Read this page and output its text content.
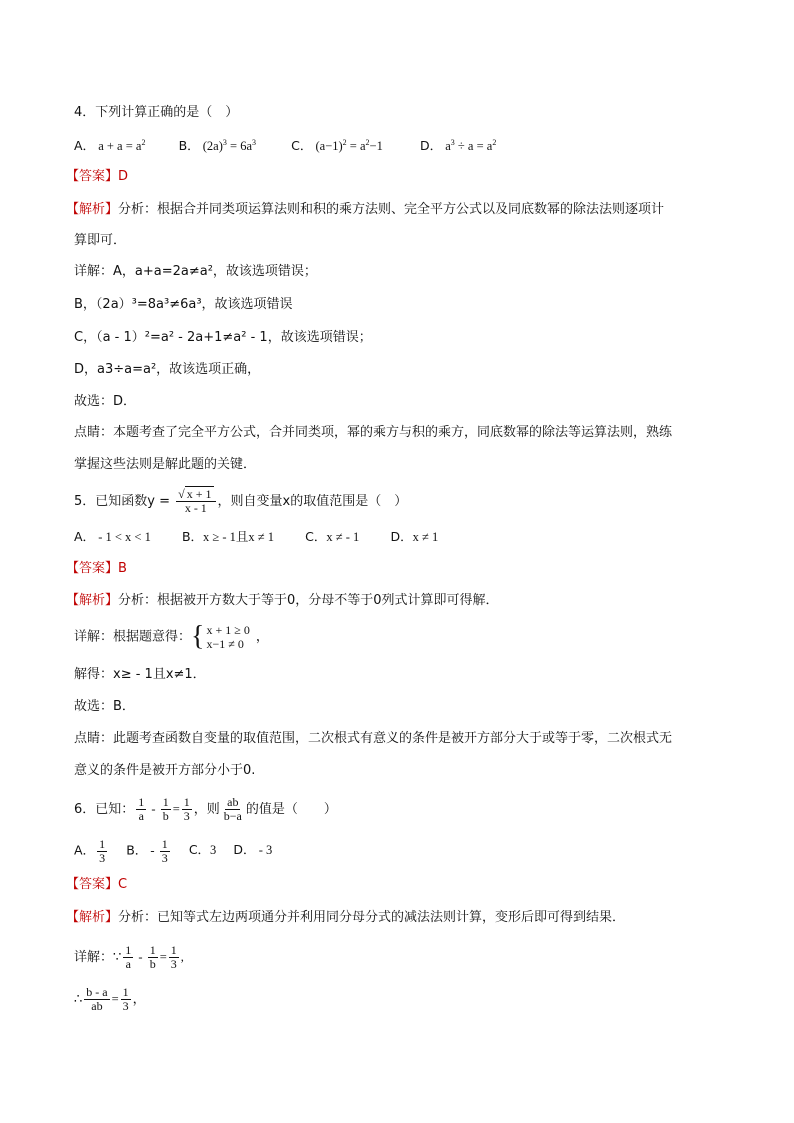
4．下列计算正确的是（　）
A． $a + a = a^2$	B． $(2a)^3 = 6a^3$	C． $(a-1)^2 = a^2-1$	D． $a^3 \div a = a^2$
【答案】D
【解析】分析：根据合并同类项运算法则和积的乘方法则、完全平方公式以及同底数幂的除法法则逐项计
算即可．
详解：A，a+a=2a≠a²，故该选项错误；
B，（2a）³=8a³≠6a³，故该选项错误
C，（a - 1）²=a² - 2a+1≠a² - 1，故该选项错误；
D，a3÷a=a²，故该选项正确，
故选：D．
点睛：本题考查了完全平方公式，合并同类项，幂的乘方与积的乘方，同底数幂的除法等运算法则，熟练
掌握这些法则是解此题的关键．
5．已知函数$y = \frac{√ x + 1}{x - 1}$ ，则自变量x的取值范围是（　）
A． - 1 < x < 1 B．x ≥ - 1且x ≠ 1 C．x ≠ - 1 D．x ≠ 1
【答案】B
【解析】分析：根据被开方数大于等于0，分母不等于0列式计算即可得解．
详解：根据题意得： { x + 1 ≥ 0
x−1 ≠ 0 ，
解得：x≥ - 1且x≠1．
故选：B．
点睛：此题考查函数自变量的取值范围，二次根式有意义的条件是被开方部分大于或等于零，二次根式无
意义的条件是被开方部分小于0.
6．已知： $\frac{1}{a} - \frac{1}{b} = \frac{1}{3}$ ，则 $\frac{ab}{b-a}$ 的值是（　　）
A． $\frac{1}{3}$ B． - $\frac{1}{3}$ C．3 D． - 3
【答案】C
【解析】分析：已知等式左边两项通分并利用同分母分式的减法法则计算，变形后即可得到结果．
详解：∵ $\frac{1}{a} - \frac{1}{b} = \frac{1}{3}$ ,
∴ $\frac{b - a}{ab} = \frac{1}{3}$ ，
